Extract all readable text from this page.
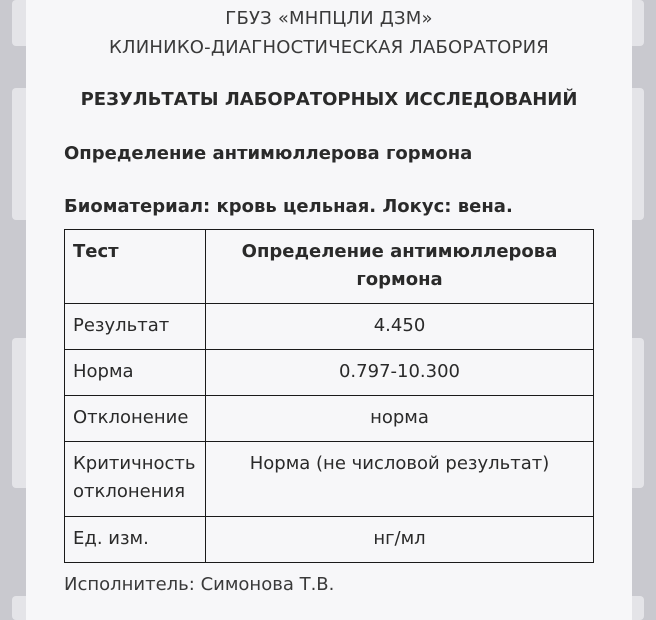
ГБУЗ «МНПЦЛИ ДЗМ»
КЛИНИКО-ДИАГНОСТИЧЕСКАЯ ЛАБОРАТОРИЯ
РЕЗУЛЬТАТЫ ЛАБОРАТОРНЫХ ИССЛЕДОВАНИЙ
Определение антимюллерова гормона
Биоматериал: кровь цельная. Локус: вена.
Тест	Определение антимюллерова гормона
Результат	4.450
Норма	0.797-10.300
Отклонение	норма
Критичность отклонения	Норма (не числовой результат)
Ед. изм.	нг/мл
Исполнитель: Симонова Т.В.
